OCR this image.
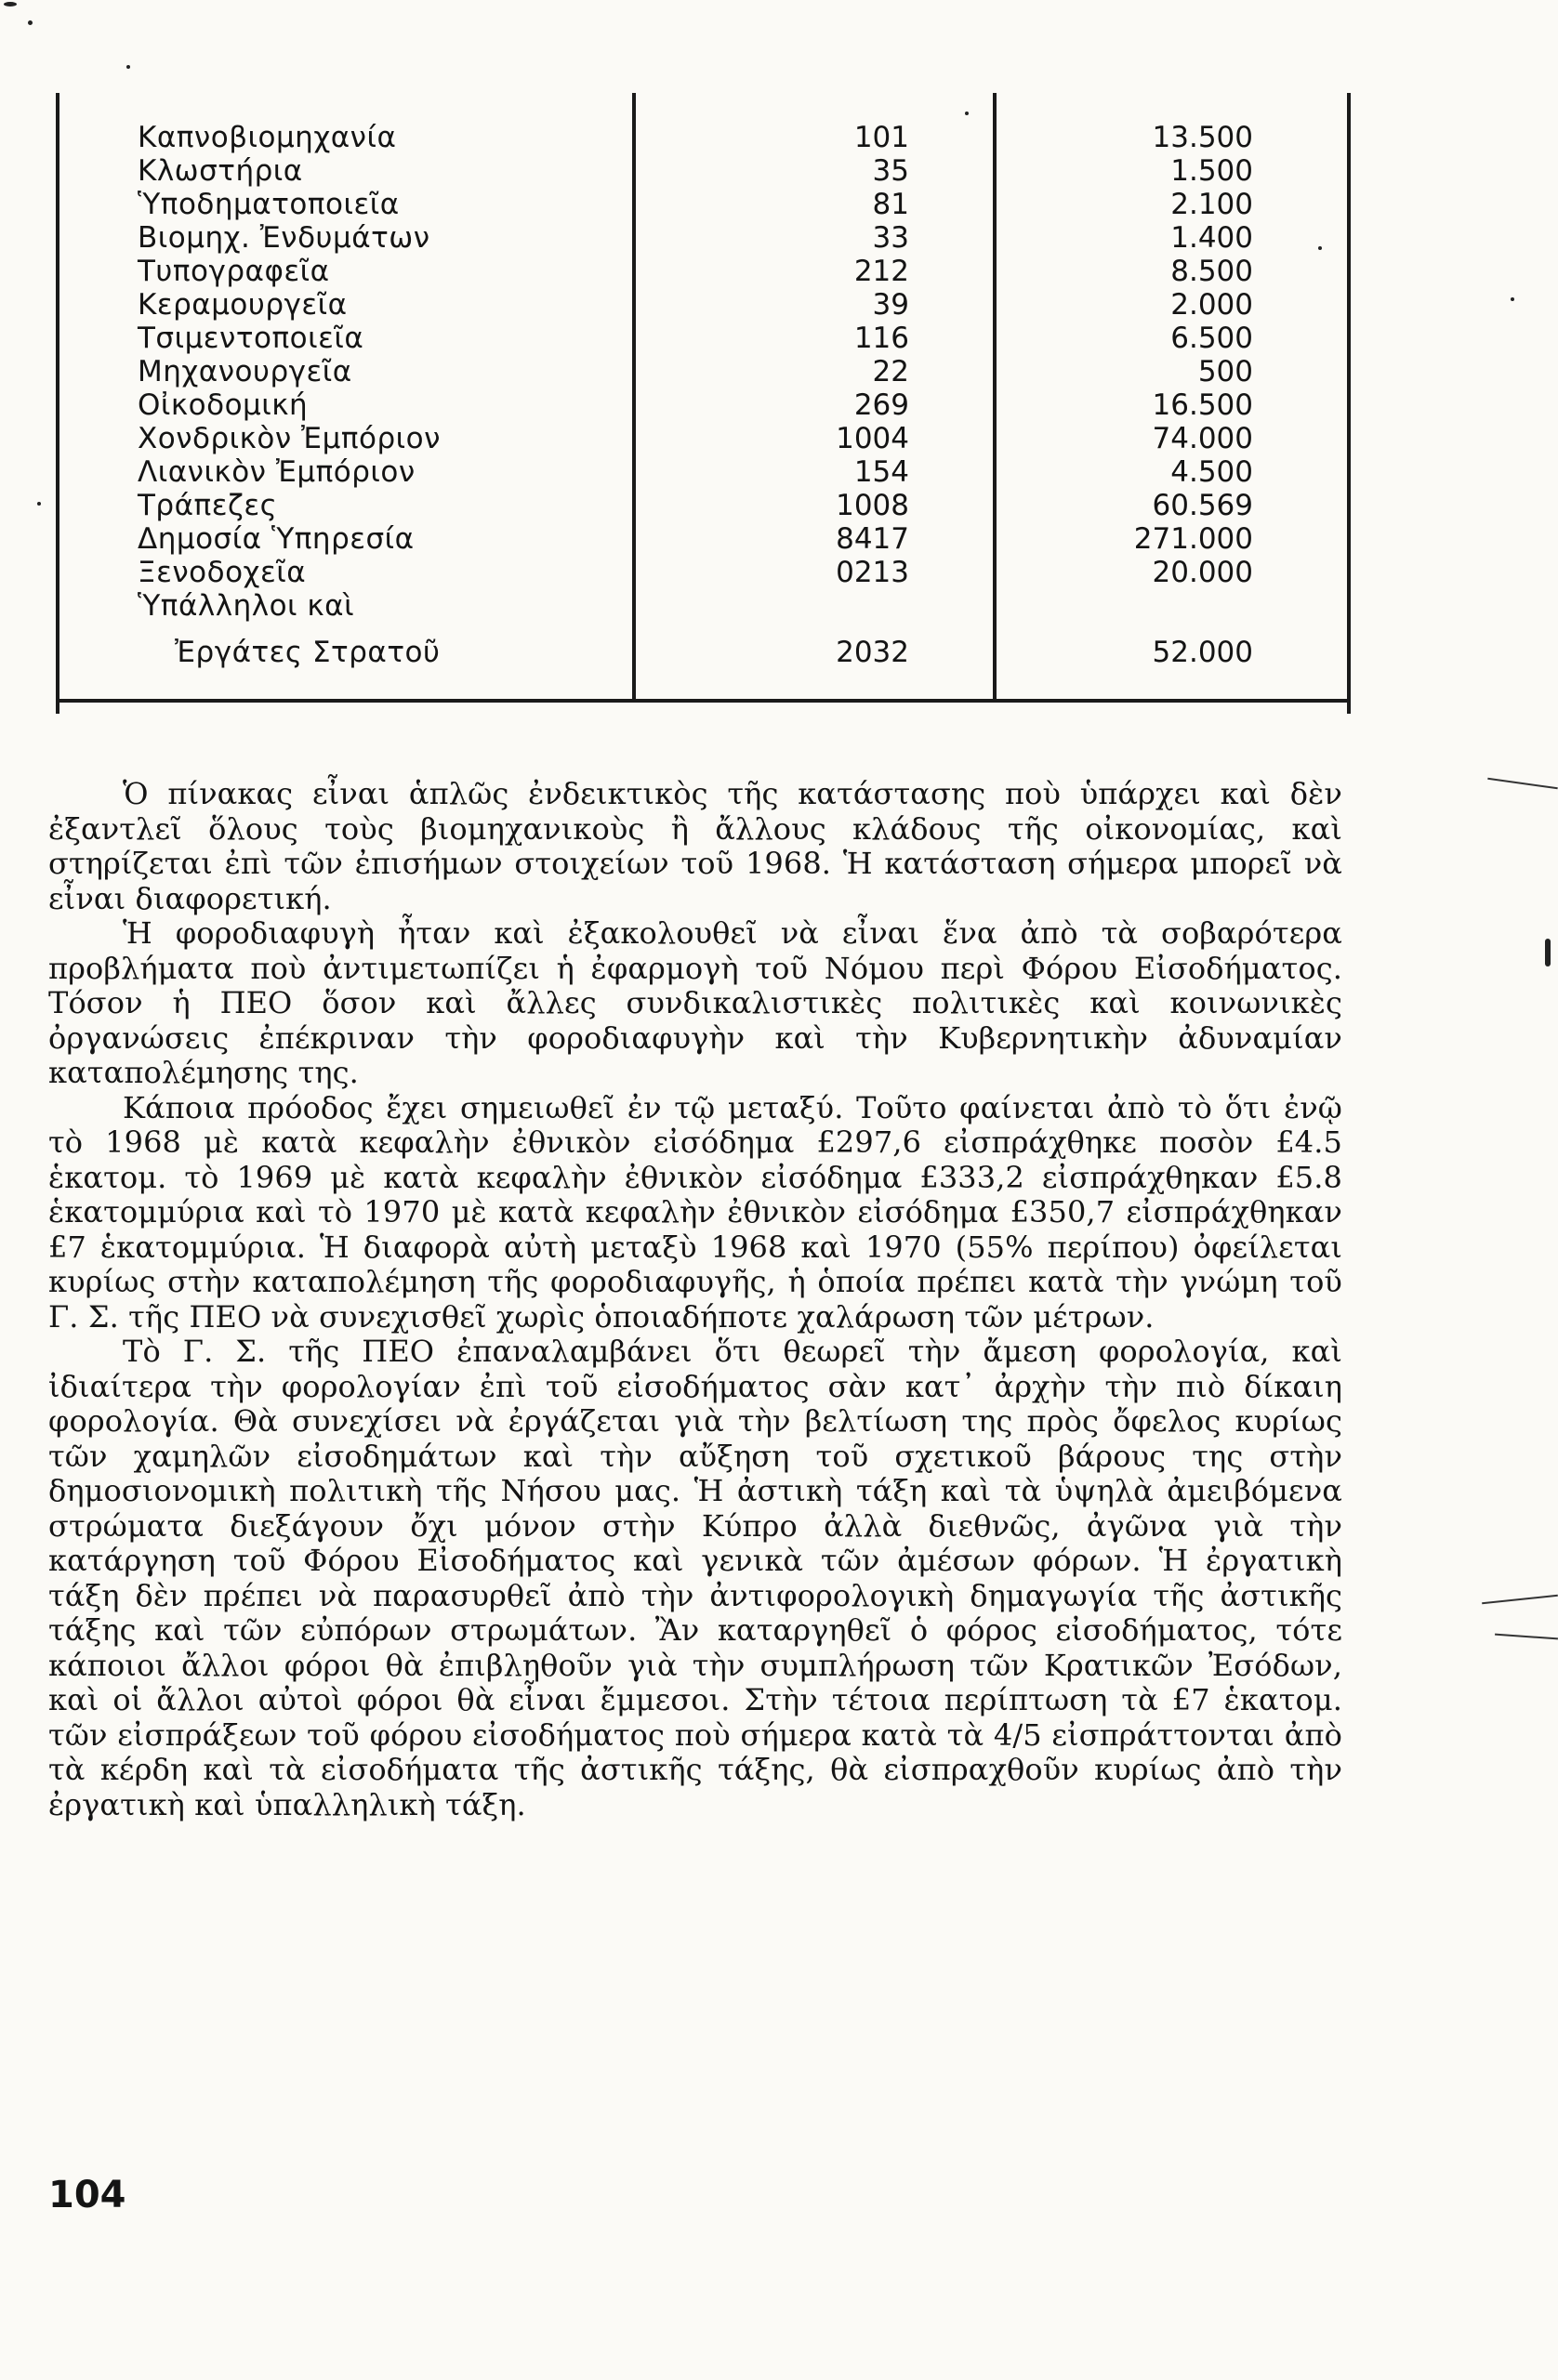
Καπνοβιομηχανία	101	13.500
Κλωστήρια	35	1.500
Ὑποδηματοποιεῖα	81	2.100
Βιομηχ. Ἐνδυμάτων	33	1.400
Τυπογραφεῖα	212	8.500
Κεραμουργεῖα	39	2.000
Τσιμεντοποιεῖα	116	6.500
Μηχανουργεῖα	22	500
Οἰκοδομική	269	16.500
Χονδρικὸν Ἐμπόριον	1004	74.000
Λιανικὸν Ἐμπόριον	154	4.500
Τράπεζες	1008	60.569
Δημοσία Ὑπηρεσία	8417	271.000
Ξενοδοχεῖα	0213	20.000
Ὑπάλληλοι καὶ
Ἐργάτες Στρατοῦ	2032	52.000

Ὁ πίνακας εἶναι ἁπλῶς ἐνδεικτικὸς τῆς κατάστασης ποὺ ὑπάρχει καὶ δὲν ἐξαντλεῖ ὅλους τοὺς βιομηχανικοὺς ἢ ἄλλους κλάδους τῆς οἰκονομίας, καὶ στηρίζεται ἐπὶ τῶν ἐπισήμων στοιχείων τοῦ 1968. Ἡ κατάσταση σήμερα μπορεῖ νὰ εἶναι διαφορετική.

Ἡ φοροδιαφυγὴ ἦταν καὶ ἐξακολουθεῖ νὰ εἶναι ἕνα ἀπὸ τὰ σοβαρότερα προβλήματα ποὺ ἀντιμετωπίζει ἡ ἐφαρμογὴ τοῦ Νόμου περὶ Φόρου Εἰσοδήματος. Τόσον ἡ ΠΕΟ ὅσον καὶ ἄλλες συνδικαλιστικὲς πολιτικὲς καὶ κοινωνικὲς ὀργανώσεις ἐπέκριναν τὴν φοροδιαφυγὴν καὶ τὴν Κυβερνητικὴν ἀδυναμίαν καταπολέμησης της.

Κάποια πρόοδος ἔχει σημειωθεῖ ἐν τῷ μεταξύ. Τοῦτο φαίνεται ἀπὸ τὸ ὅτι ἐνῷ τὸ 1968 μὲ κατὰ κεφαλὴν ἐθνικὸν εἰσόδημα £297,6 εἰσπράχθηκε ποσὸν £4.5 ἑκατομ. τὸ 1969 μὲ κατὰ κεφαλὴν ἐθνικὸν εἰσόδημα £333,2 εἰσπράχθηκαν £5.8 ἑκατομμύρια καὶ τὸ 1970 μὲ κατὰ κεφαλὴν ἐθνικὸν εἰσόδημα £350,7 εἰσπράχθηκαν £7 ἑκατομμύρια. Ἡ διαφορὰ αὐτὴ μεταξὺ 1968 καὶ 1970 (55% περίπου) ὀφείλεται κυρίως στὴν καταπολέμηση τῆς φοροδιαφυγῆς, ἡ ὁποία πρέπει κατὰ τὴν γνώμη τοῦ Γ. Σ. τῆς ΠΕΟ νὰ συνεχισθεῖ χωρὶς ὁποιαδήποτε χαλάρωση τῶν μέτρων.

Τὸ Γ. Σ. τῆς ΠΕΟ ἐπαναλαμβάνει ὅτι θεωρεῖ τὴν ἄμεση φορολογία, καὶ ἰδιαίτερα τὴν φορολογίαν ἐπὶ τοῦ εἰσοδήματος σὰν κατ᾽ ἀρχὴν τὴν πιὸ δίκαιη φορολογία. Θὰ συνεχίσει νὰ ἐργάζεται γιὰ τὴν βελτίωση της πρὸς ὄφελος κυρίως τῶν χαμηλῶν εἰσοδημάτων καὶ τὴν αὔξηση τοῦ σχετικοῦ βάρους της στὴν δημοσιονομικὴ πολιτικὴ τῆς Νήσου μας. Ἡ ἀστικὴ τάξη καὶ τὰ ὑψηλὰ ἀμειβόμενα στρώματα διεξάγουν ὄχι μόνον στὴν Κύπρο ἀλλὰ διεθνῶς, ἀγῶνα γιὰ τὴν κατάργηση τοῦ Φόρου Εἰσοδήματος καὶ γενικὰ τῶν ἀμέσων φόρων. Ἡ ἐργατικὴ τάξη δὲν πρέπει νὰ παρασυρθεῖ ἀπὸ τὴν ἀντιφορολογικὴ δημαγωγία τῆς ἀστικῆς τάξης καὶ τῶν εὐπόρων στρωμάτων. Ἂν καταργηθεῖ ὁ φόρος εἰσοδήματος, τότε κάποιοι ἄλλοι φόροι θὰ ἐπιβληθοῦν γιὰ τὴν συμπλήρωση τῶν Κρατικῶν Ἐσόδων, καὶ οἱ ἄλλοι αὐτοὶ φόροι θὰ εἶναι ἔμμεσοι. Στὴν τέτοια περίπτωση τὰ £7 ἑκατομ. τῶν εἰσπράξεων τοῦ φόρου εἰσοδήματος ποὺ σήμερα κατὰ τὰ 4/5 εἰσπράττονται ἀπὸ τὰ κέρδη καὶ τὰ εἰσοδήματα τῆς ἀστικῆς τάξης, θὰ εἰσπραχθοῦν κυρίως ἀπὸ τὴν ἐργατικὴ καὶ ὑπαλληλικὴ τάξη.

104
